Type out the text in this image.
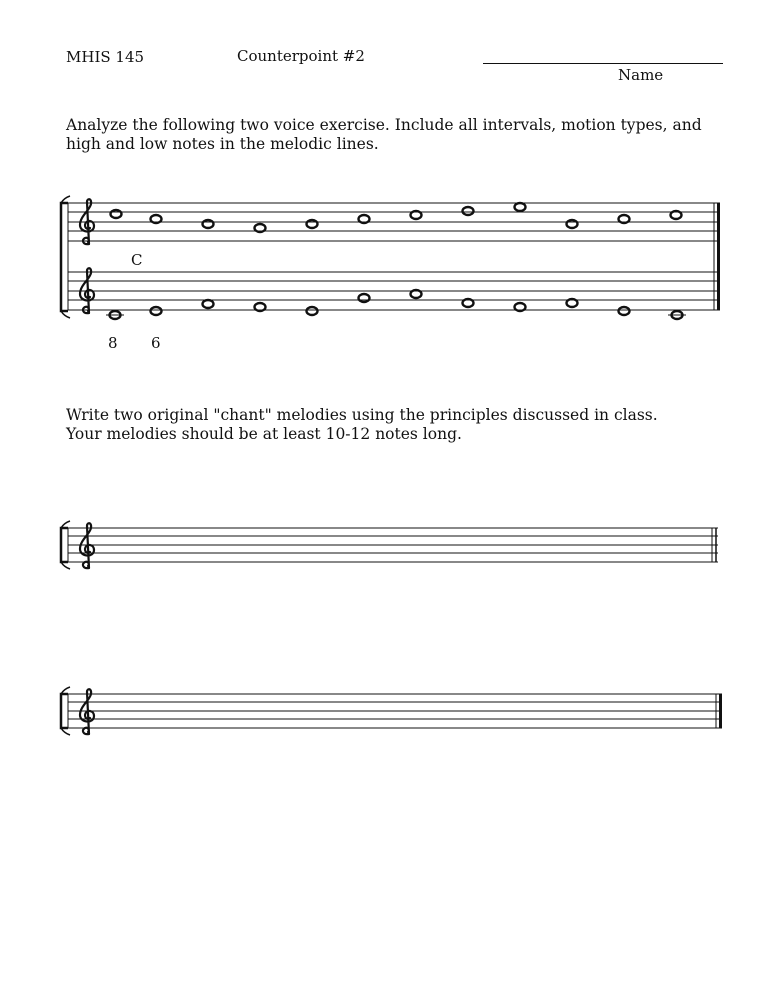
MHIS 145	Counterpoint #2
Name
Analyze the following two voice exercise. Include all intervals, motion types, and
high and low notes in the melodic lines.
Write two original "chant" melodies using the principles discussed in class.
Your melodies should be at least 10-12 notes long.
C
8 6
